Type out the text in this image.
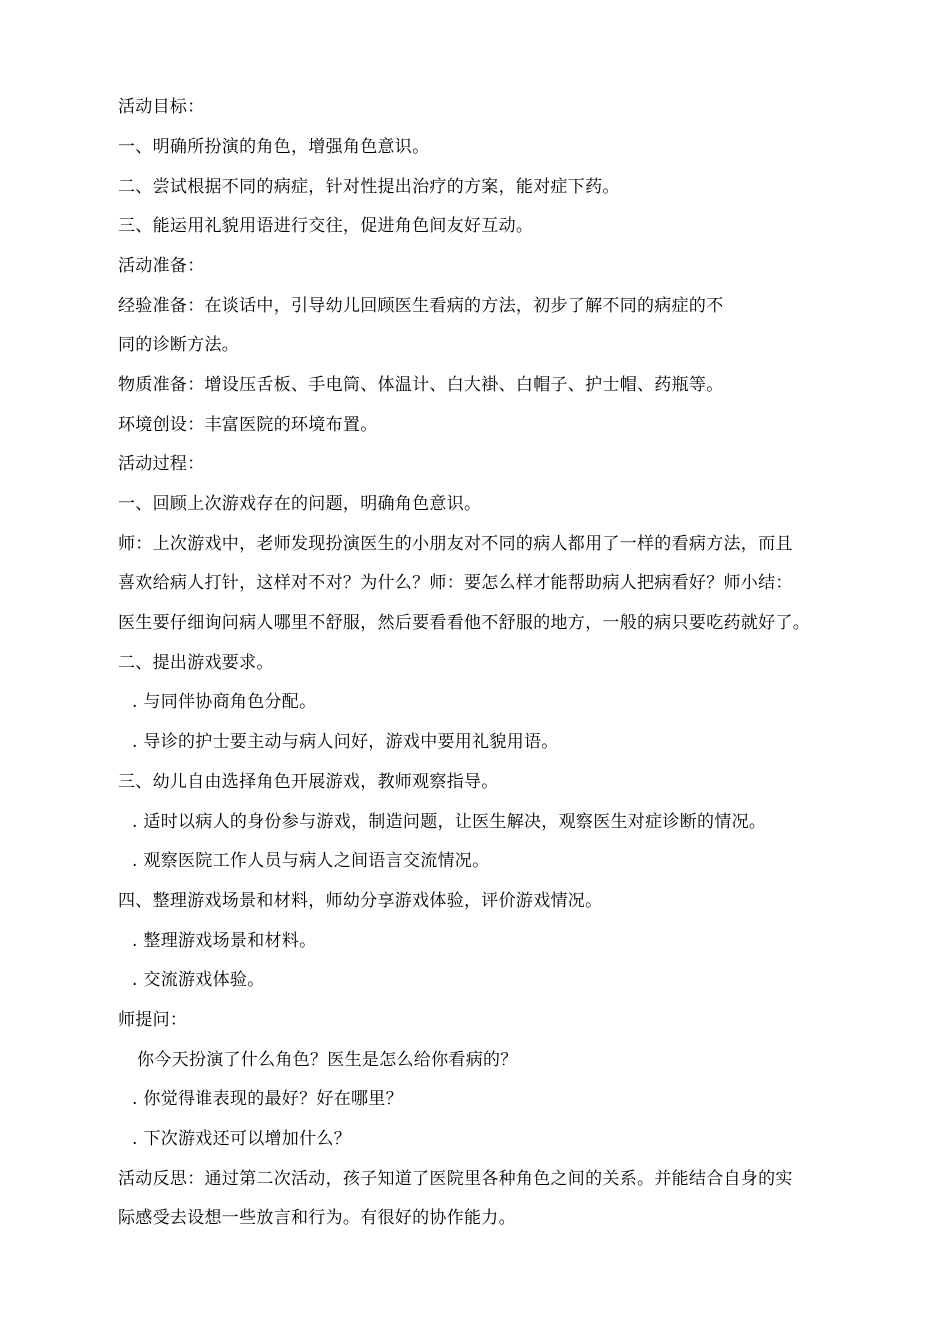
活动目标：
一、明确所扮演的角色，增强角色意识。
二、尝试根据不同的病症，针对性提出治疗的方案，能对症下药。
三、能运用礼貌用语进行交往，促进角色间友好互动。
活动准备：
经验准备：在谈话中，引导幼儿回顾医生看病的方法，初步了解不同的病症的不
同的诊断方法。
物质准备：增设压舌板、手电筒、体温计、白大褂、白帽子、护士帽、药瓶等。
环境创设：丰富医院的环境布置。
活动过程：
一、回顾上次游戏存在的问题，明确角色意识。
师：上次游戏中，老师发现扮演医生的小朋友对不同的病人都用了一样的看病方法，而且
喜欢给病人打针，这样对不对？为什么？师：要怎么样才能帮助病人把病看好？师小结：
医生要仔细询问病人哪里不舒服，然后要看看他不舒服的地方，一般的病只要吃药就好了。
二、提出游戏要求。
. 与同伴协商角色分配。
. 导诊的护士要主动与病人问好，游戏中要用礼貌用语。
三、幼儿自由选择角色开展游戏，教师观察指导。
. 适时以病人的身份参与游戏，制造问题，让医生解决，观察医生对症诊断的情况。
. 观察医院工作人员与病人之间语言交流情况。
四、整理游戏场景和材料，师幼分享游戏体验，评价游戏情况。
. 整理游戏场景和材料。
. 交流游戏体验。
师提问：
你今天扮演了什么角色？医生是怎么给你看病的？
. 你觉得谁表现的最好？好在哪里？
. 下次游戏还可以增加什么？
活动反思：通过第二次活动，孩子知道了医院里各种角色之间的关系。并能结合自身的实
际感受去设想一些放言和行为。有很好的协作能力。
